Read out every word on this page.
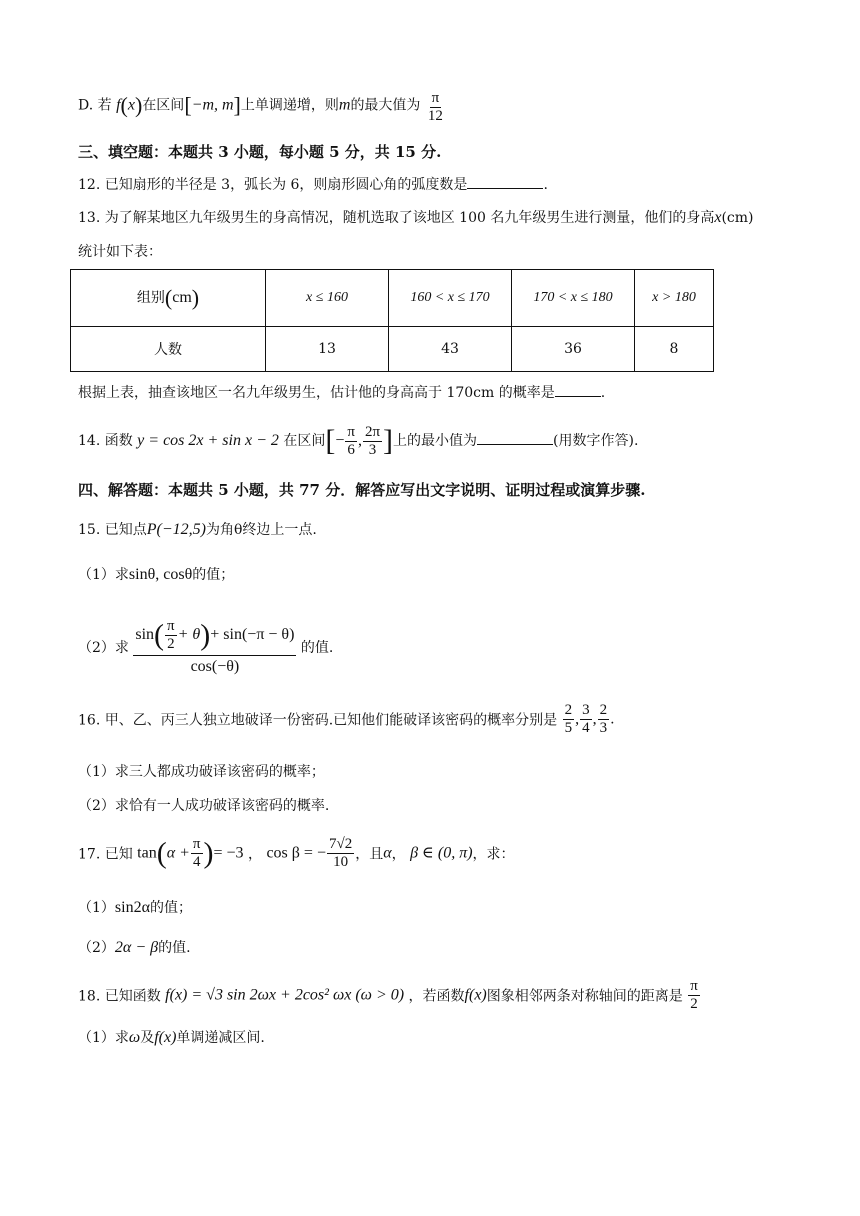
D. 若 f(x)在区间[−m, m]上单调递增，则m的最大值为 $\frac{\pi}{12}$
三、填空题：本题共 3 小题，每小题 5 分，共 15 分.
12. 已知扇形的半径是 3，弧长为 6，则扇形圆心角的弧度数是	.
13. 为了解某地区九年级男生的身高情况，随机选取了该地区 100 名九年级男生进行测量，他们的身高x(cm)
统计如下表：
组别(cm)	x ≤ 160	160 < x ≤ 170	170 < x ≤ 180	x > 180
人数	13	43	36	8
根据上表，抽查该地区一名九年级男生，估计他的身高高于 170cm 的概率是	.
14. 函数 y = cos 2x + sin x − 2 在区间[− $\frac{\pi}{6}$ , $\frac{2\pi}{3}$ ]上的最小值为	(用数字作答).
四、解答题：本题共 5 小题，共 77 分．解答应写出文字说明、证明过程或演算步骤.
15. 已知点P(−12,5)为角θ终边上一点.
（1）求sinθ, cosθ的值；
（2）求 $\frac{\sin( \frac{\pi}{2} + \theta)+ \sin(-\pi - \theta)}{\cos(-\theta)}$ 的值.
16. 甲、乙、丙三人独立地破译一份密码.已知他们能破译该密码的概率分别是 $\frac{2}{5}$ , $\frac{3}{4}$ , $\frac{2}{3}$ .
（1）求三人都成功破译该密码的概率；
（2）求恰有一人成功破译该密码的概率.
17. 已知 $\tan(\alpha + \frac{\pi}{4}$ )= −3 ， cos β = − $\frac{7√2}{10}$ ，且α， β ∈ (0, π)，求：
（1）sin2α的值；
（2）2α − β的值.
18. 已知函数 f(x) = √3 sin 2ωx + 2cos² ωx (ω > 0) ，若函数f(x)图象相邻两条对称轴间的距离是 $\frac{\pi}{2}$
（1）求ω及f(x)单调递减区间.
